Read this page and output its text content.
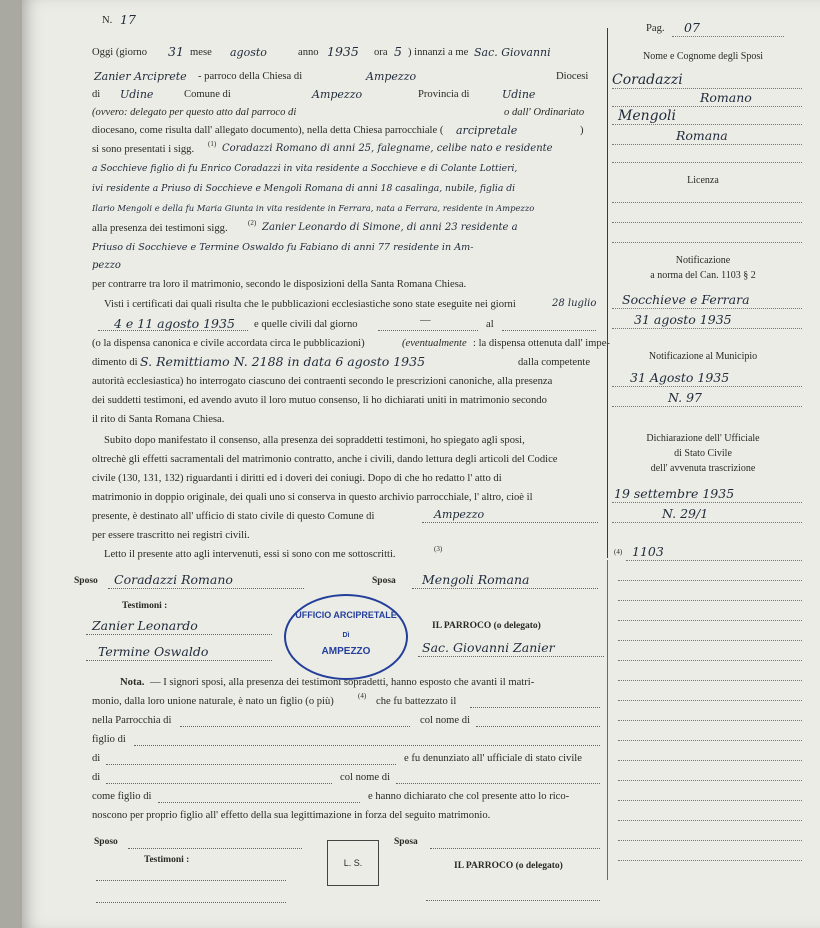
N. 17
Pag. 07
Oggi (giorno 31 mese agosto	anno 1935 ora 5 ) innanzi a me Sac. Giovanni
Zanier Arciprete - parroco della Chiesa di	Ampezzo	Diocesi
di Udine	Comune di	Ampezzo	Provincia di	Udine
(ovvero: delegato per questo atto dal parroco di	o dall' Ordinariato
diocesano, come risulta dall' allegato documento), nella detta Chiesa parrocchiale ( arcipretale	)
si sono presentati i sigg. (1) Coradazzi Romano di anni 25, falegname, celibe nato e residente
a Socchieve figlio di fu Enrico Coradazzi in vita residente a Socchieve e di Colante Lottieri,
ivi residente a Priuso di Socchieve e Mengoli Romana di anni 18 casalinga, nubile, figlia di
Ilario Mengoli e della fu Maria Giunta in vita residente in Ferrara, nata a Ferrara, residente in Ampezzo
alla presenza dei testimoni sigg.	(2) Zanier Leonardo di Simone, di anni 23 residente a
Priuso di Socchieve e Termine Oswaldo fu Fabiano di anni 77 residente in Am-
pezzo
per contrarre tra loro il matrimonio, secondo le disposizioni della Santa Romana Chiesa.
Visti i certificati dai quali risulta che le pubblicazioni ecclesiastiche sono state eseguite nei giorni	28 luglio
4 e 11 agosto 1935 e quelle civili dal giorno	—	al
(o la dispensa canonica e civile accordata circa le pubblicazioni)	(eventualmente : la dispensa ottenuta dall' impe-
dimento di S. Remittiamo N. 2188 in data 6 agosto 1935	dalla competente
autorità ecclesiastica) ho interrogato ciascuno dei contraenti secondo le prescrizioni canoniche, alla presenza
dei suddetti testimoni, ed avendo avuto il loro mutuo consenso, li ho dichiarati uniti in matrimonio secondo
il rito di Santa Romana Chiesa.
Subito dopo manifestato il consenso, alla presenza dei sopraddetti testimoni, ho spiegato agli sposi,
oltrechè gli effetti sacramentali del matrimonio contratto, anche i civili, dando lettura degli articoli del Codice
civile (130, 131, 132) riguardanti i diritti ed i doveri dei coniugi. Dopo di che ho redatto l' atto di
matrimonio in doppio originale, dei quali uno si conserva in questo archivio parrocchiale, l' altro, cioè il
presente, è destinato all' ufficio di stato civile di questo Comune di	Ampezzo
per essere trascritto nei registri civili.
Letto il presente atto agli intervenuti, essi si sono con me sottoscritti.	(3)
Sposo Coradazzi Romano	Sposa Mengoli Romana
Testimoni :
Zanier Leonardo
Termine Oswaldo
UFFICIO ARCIPRETALE
Dì
AMPEZZO
IL PARROCO (o delegato)
Sac. Giovanni Zanier
Nota. — I signori sposi, alla presenza dei testimoni sopradetti, hanno esposto che avanti il matri-
monio, dalla loro unione naturale, è nato un figlio (o più)	(4) che fu battezzato il
nella Parrocchia di	col nome di
figlio di
di	e fu denunziato all' ufficiale di stato civile
di	col nome di
come figlio di	e hanno dichiarato che col presente atto lo rico-
noscono per proprio figlio all' effetto della sua legittimazione in forza del seguito matrimonio.
Sposo	Sposa
Testimoni :	L. S.	IL PARROCO (o delegato)
Nome e Cognome degli Sposi
Coradazzi
Romano
Mengoli
Romana
Licenza
Notificazione
a norma del Can. 1103 § 2
Socchieve e Ferrara
31 agosto 1935
Notificazione al Municipio
31 Agosto 1935
N. 97
Dichiarazione dell' Ufficiale
di Stato Civile
dell' avvenuta trascrizione
19 settembre 1935
N. 29/1
(4) 1103
